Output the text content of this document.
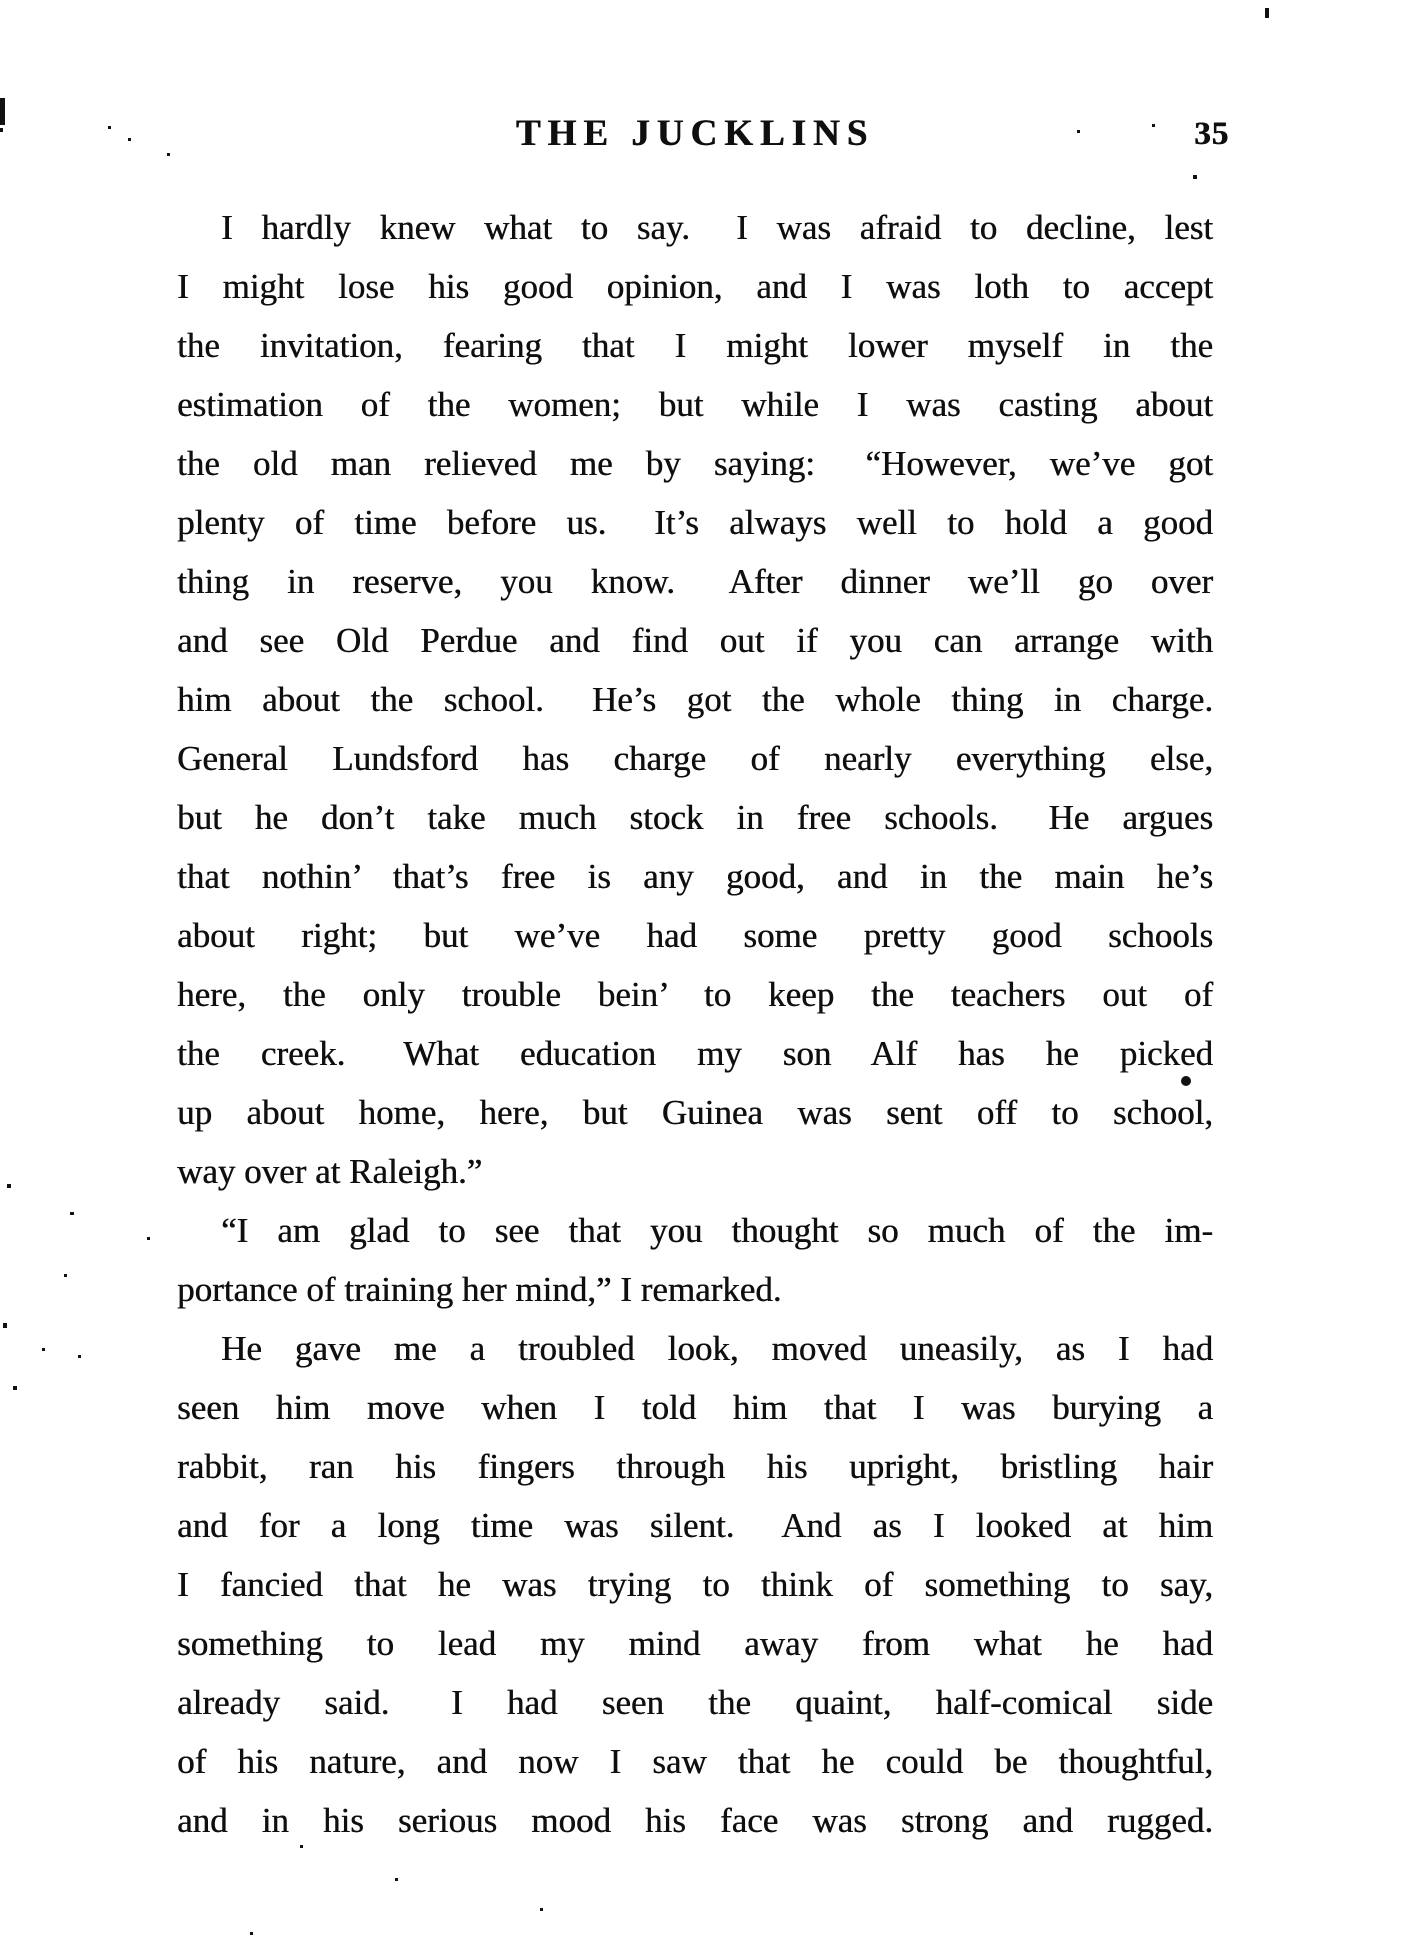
THE JUCKLINS	35
I hardly knew what to say.  I was afraid to decline, lest
I might lose his good opinion, and I was loth to accept
the invitation, fearing that I might lower myself in the
estimation of the women; but while I was casting about
the old man relieved me by saying:  “However, we’ve got
plenty of time before us.  It’s always well to hold a good
thing in reserve, you know.  After dinner we’ll go over
and see Old Perdue and find out if you can arrange with
him about the school.  He’s got the whole thing in charge.
General Lundsford has charge of nearly everything else,
but he don’t take much stock in free schools.  He argues
that nothin’ that’s free is any good, and in the main he’s
about right; but we’ve had some pretty good schools
here, the only trouble bein’ to keep the teachers out of
the creek.  What education my son Alf has he picked
up about home, here, but Guinea was sent off to school,
way over at Raleigh.”
“I am glad to see that you thought so much of the im-
portance of training her mind,” I remarked.
He gave me a troubled look, moved uneasily, as I had
seen him move when I told him that I was burying a
rabbit, ran his fingers through his upright, bristling hair
and for a long time was silent.  And as I looked at him
I fancied that he was trying to think of something to say,
something to lead my mind away from what he had
already said.  I had seen the quaint, half-comical side
of his nature, and now I saw that he could be thoughtful,
and in his serious mood his face was strong and rugged.
